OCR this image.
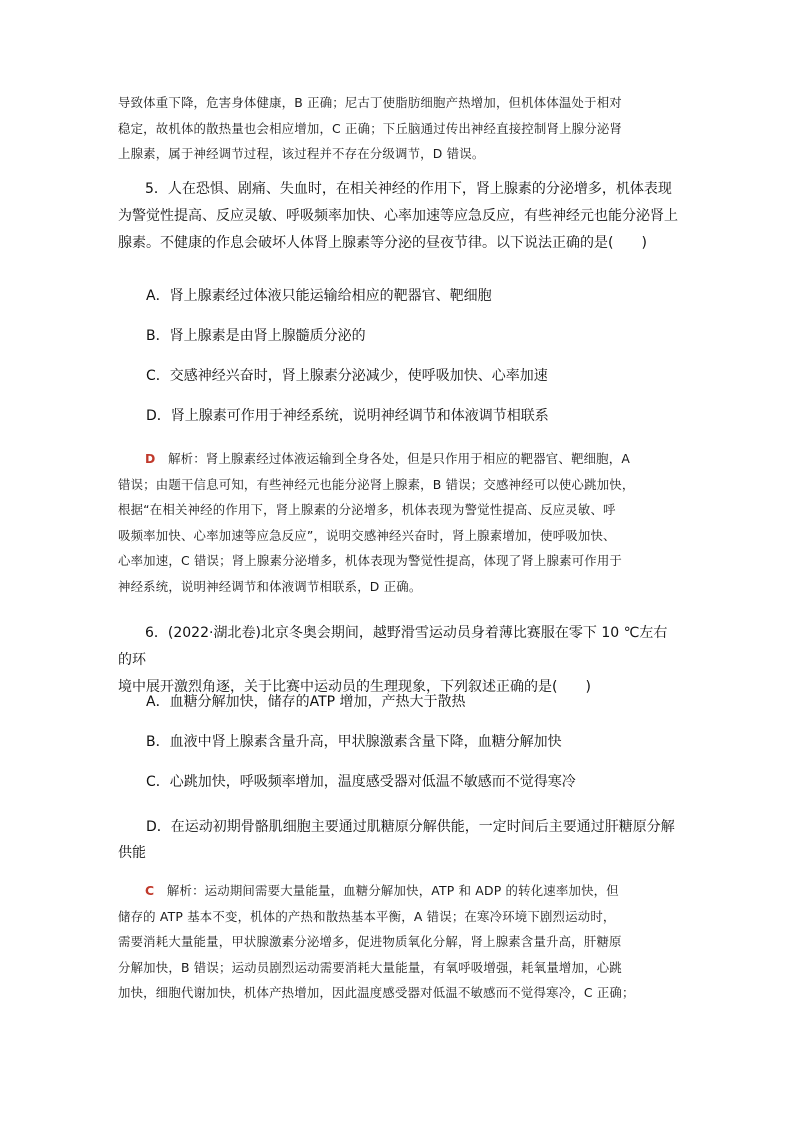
导致体重下降，危害身体健康，B 正确；尼古丁使脂肪细胞产热增加，但机体体温处于相对

稳定，故机体的散热量也会相应增加，C 正确；下丘脑通过传出神经直接控制肾上腺分泌肾

上腺素，属于神经调节过程，该过程并不存在分级调节，D 错误。

5．人在恐惧、剧痛、失血时，在相关神经的作用下，肾上腺素的分泌增多，机体表现

为警觉性提高、反应灵敏、呼吸频率加快、心率加速等应急反应，有些神经元也能分泌肾上

腺素。不健康的作息会破坏人体肾上腺素等分泌的昼夜节律。以下说法正确的是(　　)

A．肾上腺素经过体液只能运输给相应的靶器官、靶细胞
B．肾上腺素是由肾上腺髓质分泌的
C．交感神经兴奋时，肾上腺素分泌减少，使呼吸加快、心率加速
D．肾上腺素可作用于神经系统，说明神经调节和体液调节相联系

D　解析：肾上腺素经过体液运输到全身各处，但是只作用于相应的靶器官、靶细胞，A

错误；由题干信息可知，有些神经元也能分泌肾上腺素，B 错误；交感神经可以使心跳加快，

根据“在相关神经的作用下，肾上腺素的分泌增多，机体表现为警觉性提高、反应灵敏、呼

吸频率加快、心率加速等应急反应”，说明交感神经兴奋时，肾上腺素增加，使呼吸加快、

心率加速，C 错误；肾上腺素分泌增多，机体表现为警觉性提高，体现了肾上腺素可作用于

神经系统，说明神经调节和体液调节相联系，D 正确。

6．(2022·湖北卷)北京冬奥会期间，越野滑雪运动员身着薄比赛服在零下 10 ℃左右的环

境中展开激烈角逐，关于比赛中运动员的生理现象，下列叙述正确的是(　　)

A．血糖分解加快，储存的ATP 增加，产热大于散热
B．血液中肾上腺素含量升高，甲状腺激素含量下降，血糖分解加快
C．心跳加快，呼吸频率增加，温度感受器对低温不敏感而不觉得寒冷
D．在运动初期骨骼肌细胞主要通过肌糖原分解供能，一定时间后主要通过肝糖原分解
供能

C　解析：运动期间需要大量能量，血糖分解加快，ATP 和 ADP 的转化速率加快，但

储存的 ATP 基本不变，机体的产热和散热基本平衡，A 错误；在寒冷环境下剧烈运动时，

需要消耗大量能量，甲状腺激素分泌增多，促进物质氧化分解，肾上腺素含量升高，肝糖原

分解加快，B 错误；运动员剧烈运动需要消耗大量能量，有氧呼吸增强，耗氧量增加，心跳

加快，细胞代谢加快，机体产热增加，因此温度感受器对低温不敏感而不觉得寒冷，C 正确；
